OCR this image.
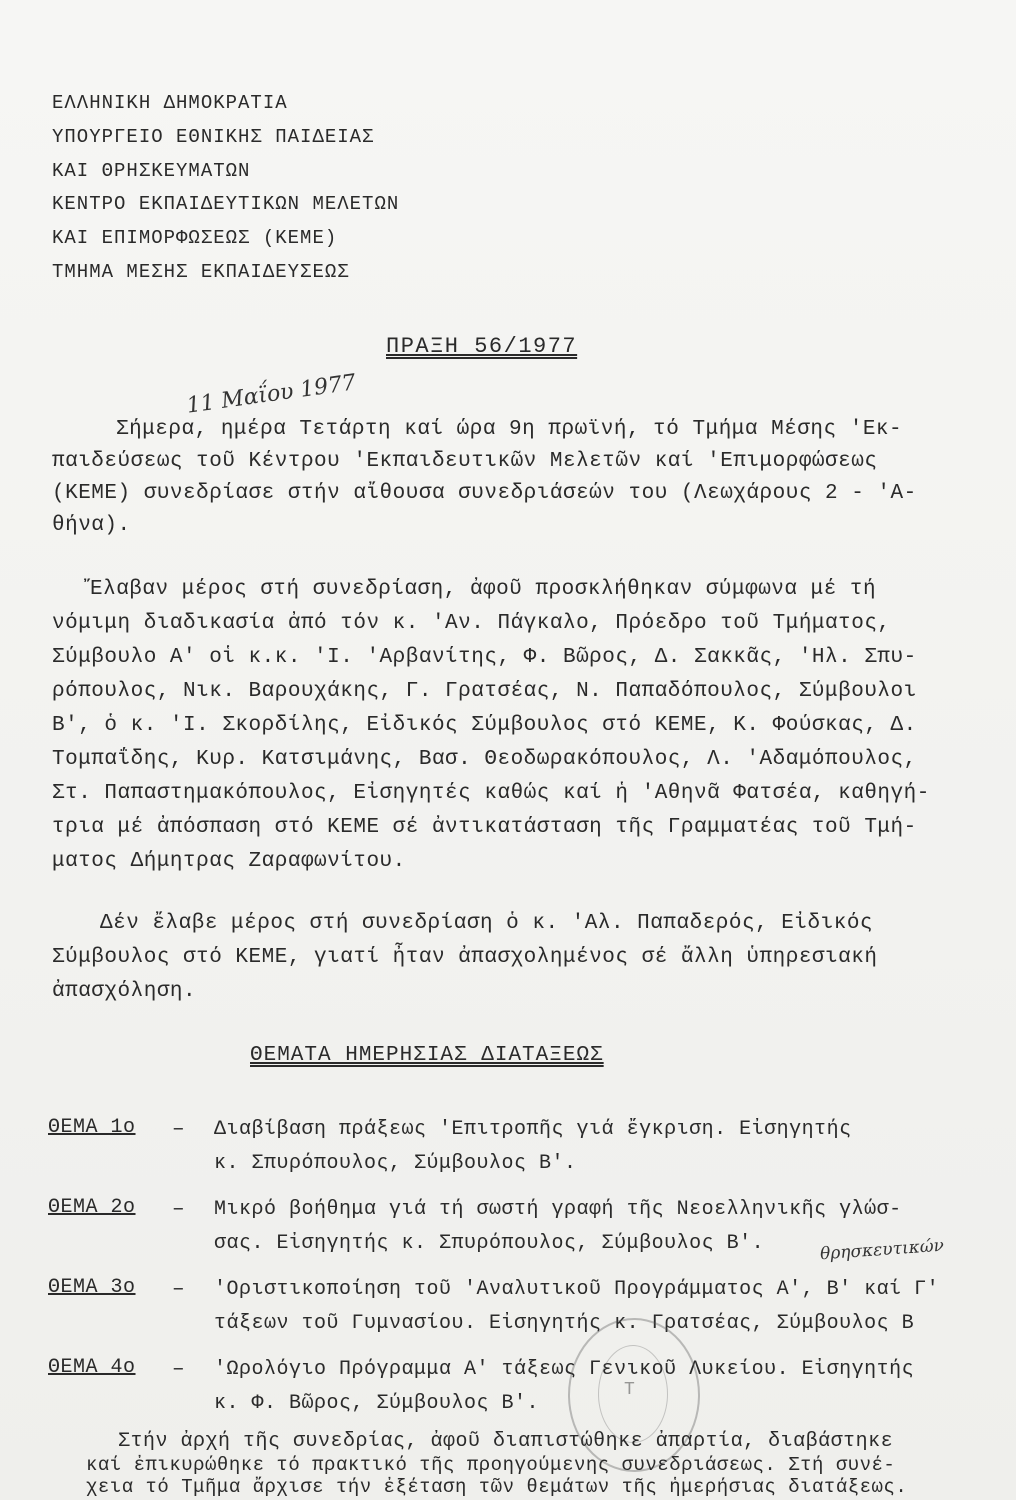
ΕΛΛΗΝΙΚΗ ΔΗΜΟΚΡΑΤΙΑ
ΥΠΟΥΡΓΕΙΟ ΕΘΝΙΚΗΣ ΠΑΙΔΕΙΑΣ
ΚΑΙ ΘΡΗΣΚΕΥΜΑΤΩΝ
ΚΕΝΤΡΟ ΕΚΠΑΙΔΕΥΤΙΚΩΝ ΜΕΛΕΤΩΝ
ΚΑΙ ΕΠΙΜΟΡΦΩΣΕΩΣ (ΚΕΜΕ)
ΤΜΗΜΑ ΜΕΣΗΣ ΕΚΠΑΙΔΕΥΣΕΩΣ
ΠΡΑΞΗ 56/1977
11 Μαΐου 1977
Σήμερα, ημέρα Τετάρτη καί ώρα 9η πρωϊνή, τό Τμήμα Μέσης 'Εκ-
παιδεύσεως τοῦ Κέντρου 'Εκπαιδευτικῶν Μελετῶν καί 'Επιμορφώσεως
(ΚΕΜΕ) συνεδρίασε στήν αἴθουσα συνεδριάσεών του (Λεωχάρους 2 - 'Α-
θήνα).
Ἔλαβαν μέρος στή συνεδρίαση, ἀφοῦ προσκλήθηκαν σύμφωνα μέ τή
νόμιμη διαδικασία ἀπό τόν κ. 'Αν. Πάγκαλο, Πρόεδρο τοῦ Τμήματος,
Σύμβουλο Α' οἱ κ.κ. 'Ι. 'Αρβανίτης, Φ. Βῶρος, Δ. Σακκᾶς, 'Ηλ. Σπυ-
ρόπουλος, Νικ. Βαρουχάκης, Γ. Γρατσέας, Ν. Παπαδόπουλος, Σύμβουλοι
Β', ὁ κ. 'Ι. Σκορδίλης, Εἰδικός Σύμβουλος στό ΚΕΜΕ, Κ. Φούσκας, Δ.
Τομπαΐδης, Κυρ. Κατσιμάνης, Βασ. Θεοδωρακόπουλος, Λ. 'Αδαμόπουλος,
Στ. Παπαστημακόπουλος, Εἰσηγητές καθώς καί ἡ 'Αθηνᾶ Φατσέα, καθηγή-
τρια μέ ἀπόσπαση στό ΚΕΜΕ σέ ἀντικατάσταση τῆς Γραμματέας τοῦ Τμή-
ματος Δήμητρας Ζαραφωνίτου.
Δέν ἔλαβε μέρος στή συνεδρίαση ὁ κ. 'Αλ. Παπαδερός, Εἰδικός
Σύμβουλος στό ΚΕΜΕ, γιατί ἦταν ἀπασχολημένος σέ ἄλλη ὑπηρεσιακή
ἀπασχόληση.
ΘΕΜΑΤΑ ΗΜΕΡΗΣΙΑΣ ΔΙΑΤΑΞΕΩΣ
θρησκευτικών
ΘΕΜΑ 1ο – Διαβίβαση πράξεως 'Επιτροπῆς γιά ἔγκριση. Εἰσηγητής
κ. Σπυρόπουλος, Σύμβουλος Β'.
ΘΕΜΑ 2ο – Μικρό βοήθημα γιά τή σωστή γραφή τῆς Νεοελληνικῆς γλώσ-
σας. Εἰσηγητής κ. Σπυρόπουλος, Σύμβουλος Β'.
ΘΕΜΑ 3ο – 'Οριστικοποίηση τοῦ 'Αναλυτικοῦ Προγράμματος Α', Β' καί Γ'
τάξεων τοῦ Γυμνασίου. Εἰσηγητής κ. Γρατσέας, Σύμβουλος Β
ΘΕΜΑ 4ο – 'Ωρολόγιο Πρόγραμμα Α' τάξεως Γενικοῦ Λυκείου. Εἰσηγητής
κ. Φ. Βῶρος, Σύμβουλος Β'.
Τ
Στήν ἀρχή τῆς συνεδρίας, ἀφοῦ διαπιστώθηκε ἀπαρτία, διαβάστηκε
καί ἐπικυρώθηκε τό πρακτικό τῆς προηγούμενης συνεδριάσεως. Στή συνέ-
χεια τό Τμῆμα ἄρχισε τήν ἐξέταση τῶν θεμάτων τῆς ἡμερήσιας διατάξεως.
